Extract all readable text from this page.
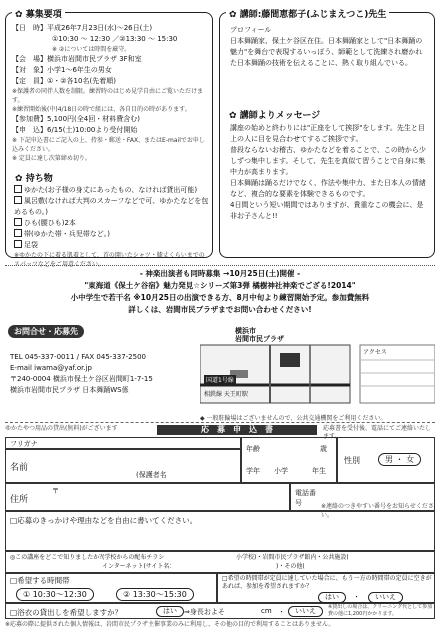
✿ 募集要項
【日　時】平成26年7月23日(水)～26日(土)
①10:30 ～ 12:30 ／②13:30 ～ 15:30
※ ②については時間を厳守。
【会　場】横浜市岩間市民プラザ 3F和室
【対　象】小学1～6年生の男女
【定　員】①・②各10名(先着順)
※保護者の同伴人数を制限。練習時のはじめ見学自由にご覧いただけます。
※練習開始後(中)4/18日の時で組には、各自目的の時があります。
【参加費】5,100円(全4回・材料費含む)
【申　込】6/15(土)10:00より受付開始
※ 下記申込書にご記入の上、持参・郵送・FAX、またはE-mailでお申し込みください。
※ 定員に達し次第締め切り。
✿ 持ち物
ゆかた(お子様の身丈にあったもの、なければ貸出可能)
風呂敷(なければ大判のスカーフなどで可、ゆかたなどを包めるもの。)
ひも(腰ひも)2本
帯(ゆかた帯・兵児帯など。)
足袋
※ゆかたの下に着る肌着として、首の開いたシャツ・膝丈くらいまでのスパッツなどをご用意ください。
✿ 講師:藤間恵都子(ふじまえつこ)先生
プロフィール
日本舞踊家、保土ケ谷区在住。日本舞踊家として"日本舞踊の魅力"を舞台で表現するいっぽう、師範として洗練され磨かれた日本舞踊の技術を伝えることに、熱く取り組んでいる。
✿ 講師よりメッセージ
講座の始めと終わりには"正座をして挨拶"をします。先生と目上の人に目を見合わせてするご挨拶です。
普段ならないお稽古、ゆかたなどを着ることで、この時から少しずつ集中します。そして、先生を真似て習うことで自身に集中力が高まります。
日本舞踊は踊るだけでなく、作法や集中力、また日本人の情緒など、複合的な要素を体験できるものです。
4日間という短い期間ではありますが、貴重なこの機会に、是非お子さんと!!
- 神楽出演者も同時募集 →10月25日(土)開催 -
"東海道《保土ケ谷宿》魅力発見☆シリーズ第3弾 橘樹神社神楽でござる!2014"
小中学生で若干名 ※10月25日の出演できる方、8月中旬より練習開始予定。参加費無料
詳しくは、岩間市民プラザまでお問い合わせください!
お問合せ・応募先
TEL 045-337-0011 / FAX 045-337-2500
E-mail iwama@yaf.or.jp
〒240-0004 横浜市保土ケ谷区岩間町1-7-15
横浜市岩間市民プラザ 日本舞踊WS係
横浜市
岩間市民プラザ
相鉄線 天王町駅
国道1号線
アクセス
◆ 一般駐輪場はございませんので、公共交通機関をご利用ください。
ゆかたやつ用品の貸出(無料)がございます	応　募　申　込　書	応募書を受付後、電話にてご連絡いたします。
フリガナ
名前
(保護者名
年齢	歳
学年 小学	年生
性別	男 ・ 女
住所
〒	電話番号	※連絡のつきやすい番号をお知らせください。
□応募のきっかけや理由などを自由に書いてください。
◎この講座をどこで知りましたか？
(学校からの配布チラシ
インターネット(サイト名：
小学校)・岩間市民プラザ館内・公共施設(
)・その他(
□希望する時間帯
① 10:30～12:30	② 13:30～15:30
□希望の時間帯が定員に達していた場合に、もう一方の時間帯の定員に空きがあれば、参加を希望されますか？
はい	・	いいえ
□浴衣の貸出しを希望しますか？	はい	⇒身長およそ	cm ・	いいえ	※貸出しの場合は、クリーニング代として参加費の他に1,200円かかります。
※応募の際に提供された個人情報は、岩間市民プラザ主催事業のみに利用し、その他の目的で利用することはありません。
